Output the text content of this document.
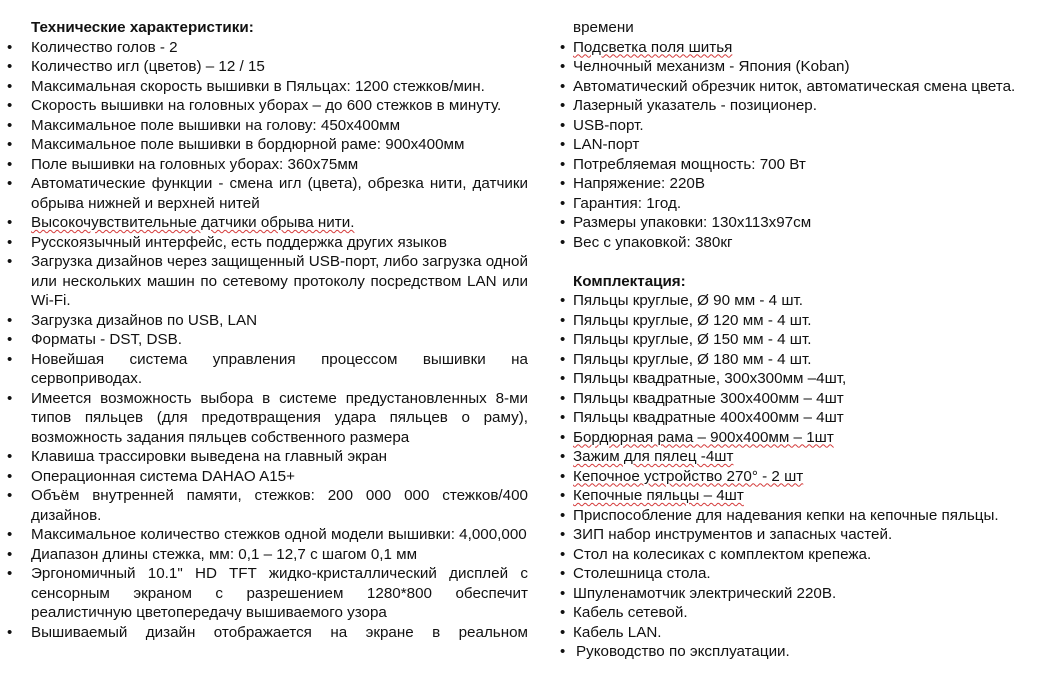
Технические характеристики:
• Количество голов - 2
• Количество игл (цветов) – 12 / 15
• Максимальная скорость вышивки в Пяльцах: 1200 стежков/мин.
• Скорость вышивки на головных уборах – до 600 стежков в минуту.
• Максимальное поле вышивки на голову: 450х400мм
• Максимальное поле вышивки в бордюрной раме: 900х400мм
• Поле вышивки на головных уборах: 360х75мм
• Автоматические функции - смена игл (цвета), обрезка нити, датчики обрыва нижней и верхней нитей
• Высокочувствительные датчики обрыва нити.
• Русскоязычный интерфейс, есть поддержка других языков
• Загрузка дизайнов через защищенный USB-порт, либо загрузка одной или нескольких машин по сетевому протоколу посредством LAN или Wi-Fi.
• Загрузка дизайнов по USB, LAN
• Форматы - DST, DSB.
• Новейшая система управления процессом вышивки на сервоприводах.
• Имеется возможность выбора в системе предустановленных 8-ми типов пяльцев (для предотвращения удара пяльцев о раму), возможность задания пяльцев собственного размера
• Клавиша трассировки выведена на главный экран
• Операционная система DAHAO A15+
• Объём внутренней памяти, стежков: 200 000 000 стежков/400 дизайнов.
• Максимальное количество стежков одной модели вышивки: 4,000,000
• Диапазон длины стежка, мм: 0,1 – 12,7 с шагом 0,1 мм
• Эргономичный 10.1" HD TFT жидко-кристаллический дисплей с сенсорным экраном с разрешением 1280*800 обеспечит реалистичную цветопередачу вышиваемого узора
• Вышиваемый дизайн отображается на экране в реальном
времени
• Подсветка поля шитья
• Челночный механизм - Япония (Koban)
• Автоматический обрезчик ниток, автоматическая смена цвета.
• Лазерный указатель - позиционер.
• USB-порт.
• LAN-порт
• Потребляемая мощность: 700 Вт
• Напряжение: 220В
• Гарантия: 1год.
• Размеры упаковки: 130х113х97см
• Вес с упаковкой: 380кг
Комплектация:
• Пяльцы круглые, Ø 90 мм - 4 шт.
• Пяльцы круглые, Ø 120 мм - 4 шт.
• Пяльцы круглые, Ø 150 мм - 4 шт.
• Пяльцы круглые, Ø 180 мм - 4 шт.
• Пяльцы квадратные, 300х300мм –4шт,
• Пяльцы квадратные 300х400мм – 4шт
• Пяльцы квадратные 400х400мм – 4шт
• Бордюрная рама – 900х400мм – 1шт
• Зажим для пялец -4шт
• Кепочное устройство 270° - 2 шт
• Кепочные пяльцы – 4шт
• Приспособление для надевания кепки на кепочные пяльцы.
• ЗИП набор инструментов и запасных частей.
• Стол на колесиках с комплектом крепежа.
• Столешница стола.
• Шпуленамотчик электрический 220В.
• Кабель сетевой.
• Кабель LAN.
• Руководство по эксплуатации.
